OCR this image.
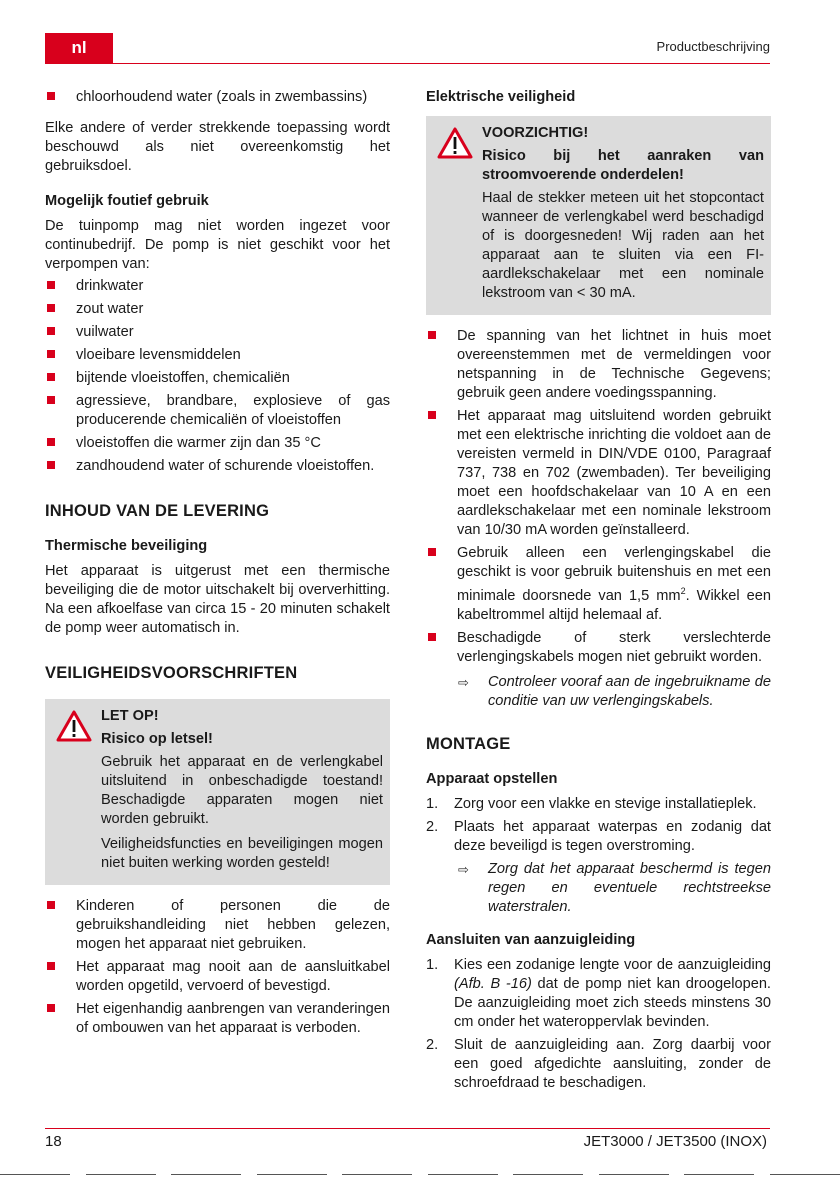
nl	Productbeschrijving
chloorhoudend water (zoals in zwembassins)

Elke andere of verder strekkende toepassing wordt beschouwd als niet overeenkomstig het gebruiksdoel.

Mogelijk foutief gebruik

De tuinpomp mag niet worden ingezet voor continubedrijf. De pomp is niet geschikt voor het verpompen van:

drinkwater
zout water
vuilwater
vloeibare levensmiddelen
bijtende vloeistoffen, chemicaliën
agressieve, brandbare, explosieve of gas producerende chemicaliën of vloeistoffen
vloeistoffen die warmer zijn dan 35 °C
zandhoudend water of schurende vloeistoffen.
INHOUD VAN DE LEVERING
Thermische beveiliging

Het apparaat is uitgerust met een thermische beveiliging die de motor uitschakelt bij oververhitting. Na een afkoelfase van circa 15 - 20 minuten schakelt de pomp weer automatisch in.

VEILIGHEIDSVOORSCHRIFTEN
LET OP!
Risico op letsel!

Gebruik het apparaat en de verlengkabel uitsluitend in onbeschadigde toestand! Beschadigde apparaten mogen niet worden gebruikt.

Veiligheidsfuncties en beveiligingen mogen niet buiten werking worden gesteld!

Kinderen of personen die de gebruikshandleiding niet hebben gelezen, mogen het apparaat niet gebruiken.
Het apparaat mag nooit aan de aansluitkabel worden opgetild, vervoerd of bevestigd.
Het eigenhandig aanbrengen van veranderingen of ombouwen van het apparaat is verboden.
Elektrische veiligheid
VOORZICHTIG!
Risico bij het aanraken van stroomvoerende onderdelen!

Haal de stekker meteen uit het stopcontact wanneer de verlengkabel werd beschadigd of is doorgesneden! Wij raden aan het apparaat aan te sluiten via een FI-aardlekschakelaar met een nominale lekstroom van < 30 mA.

De spanning van het lichtnet in huis moet overeenstemmen met de vermeldingen voor netspanning in de Technische Gegevens; gebruik geen andere voedingsspanning.
Het apparaat mag uitsluitend worden gebruikt met een elektrische inrichting die voldoet aan de vereisten vermeld in DIN/VDE 0100, Paragraaf 737, 738 en 702 (zwembaden). Ter beveiliging moet een hoofdschakelaar van 10 A en een aardlekschakelaar met een nominale lekstroom van 10/30 mA worden geïnstalleerd.
Gebruik alleen een verlengingskabel die geschikt is voor gebruik buitenshuis en met een minimale doorsnede van 1,5 $mm^2$. Wikkel een kabeltrommel altijd helemaal af.
Beschadigde of sterk verslechterde verlengingskabels mogen niet gebruikt worden.
⇨ Controleer vooraf aan de ingebruikname de conditie van uw verlengingskabels.
MONTAGE
Apparaat opstellen
1. Zorg voor een vlakke en stevige installatieplek.
2. Plaats het apparaat waterpas en zodanig dat deze beveiligd is tegen overstroming.
⇨ Zorg dat het apparaat beschermd is tegen regen en eventuele rechtstreekse waterstralen.
Aansluiten van aanzuigleiding
1. Kies een zodanige lengte voor de aanzuigleiding (Afb. B -16) dat de pomp niet kan droogelopen. De aanzuigleiding moet zich steeds minstens 30 cm onder het wateroppervlak bevinden.
2. Sluit de aanzuigleiding aan. Zorg daarbij voor een goed afgedichte aansluiting, zonder de schroefdraad te beschadigen.
18	JET3000 / JET3500 (INOX)
